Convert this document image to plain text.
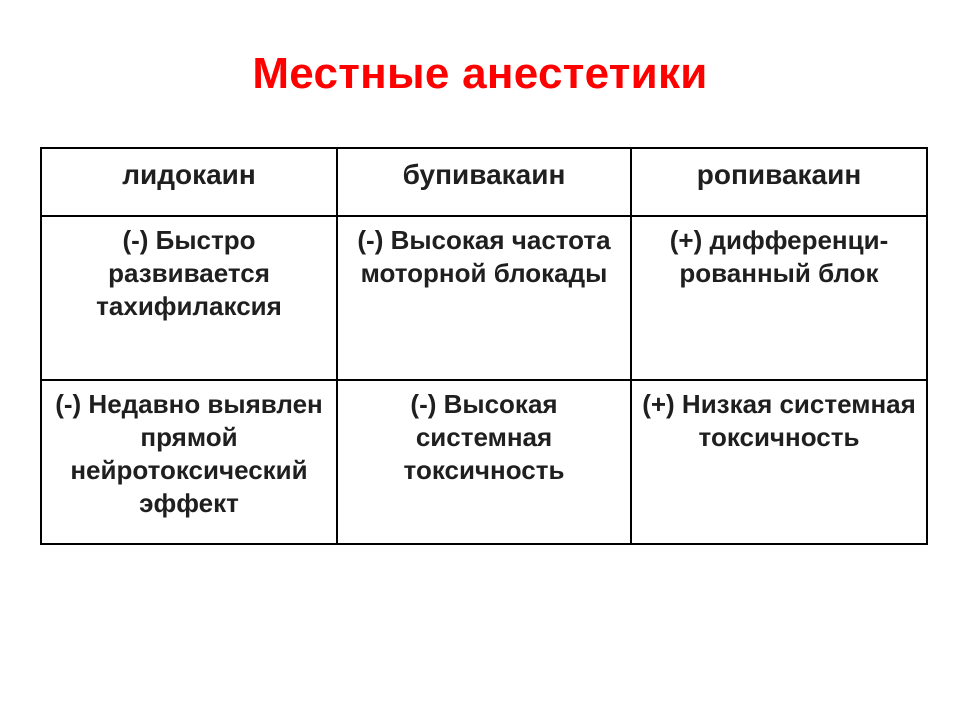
Местные анестетики
лидокаин	бупивакаин	ропивакаин
(-) Быстро развивается тахифилаксия	(-) Высокая частота моторной блокады	(+) дифференци-рованный блок
(-) Недавно выявлен прямой нейротоксический эффект	(-) Высокая системная токсичность	(+) Низкая системная токсичность
